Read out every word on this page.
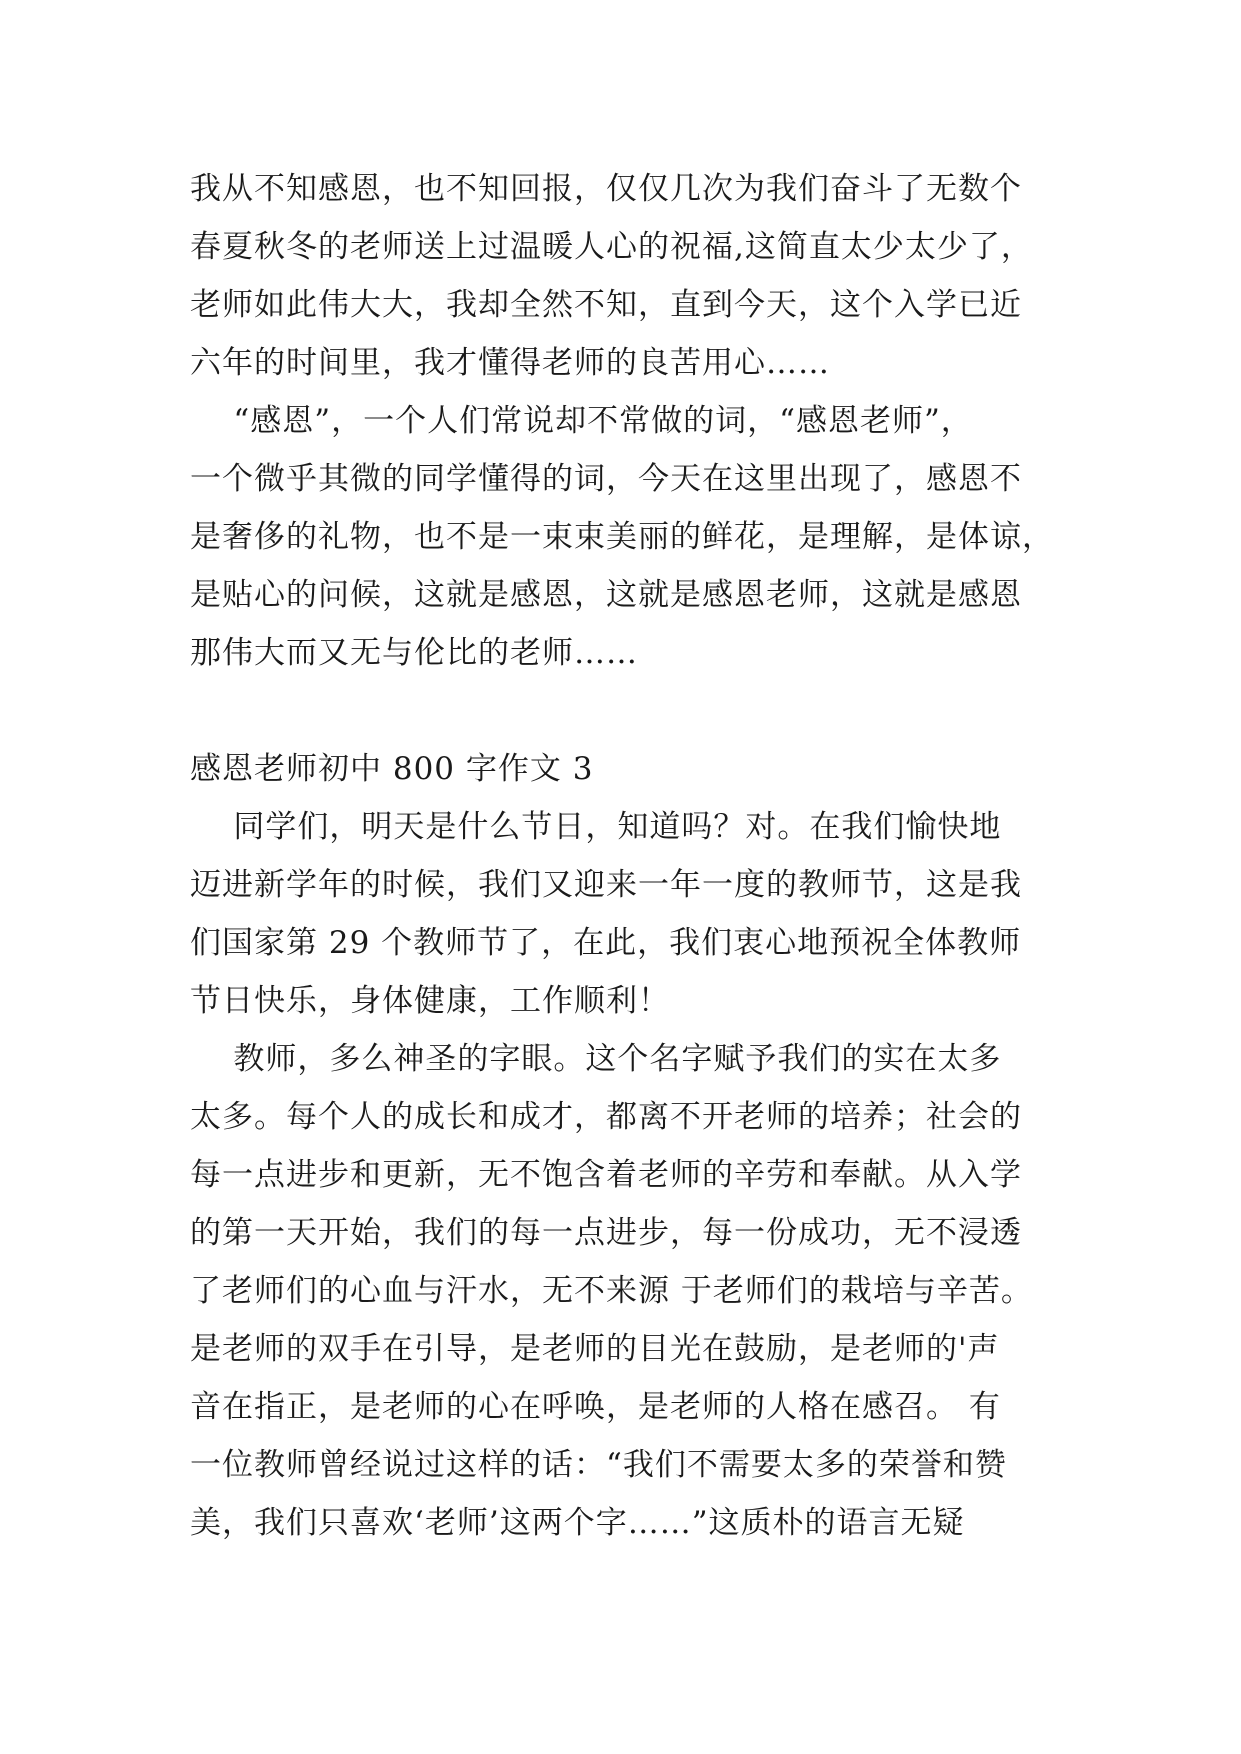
我从不知感恩，也不知回报，仅仅几次为我们奋斗了无数个
春夏秋冬的老师送上过温暖人心的祝福,这简直太少太少了，
老师如此伟大大，我却全然不知，直到今天，这个入学已近
六年的时间里，我才懂得老师的良苦用心……
“感恩”，一个人们常说却不常做的词，“感恩老师”，
一个微乎其微的同学懂得的词，今天在这里出现了，感恩不
是奢侈的礼物，也不是一束束美丽的鲜花，是理解，是体谅，
是贴心的问候，这就是感恩，这就是感恩老师，这就是感恩
那伟大而又无与伦比的老师……
感恩老师初中 800 字作文 3
同学们，明天是什么节日，知道吗？对。在我们愉快地
迈进新学年的时候，我们又迎来一年一度的教师节，这是我
们国家第 29 个教师节了，在此，我们衷心地预祝全体教师
节日快乐，身体健康，工作顺利！
教师，多么神圣的字眼。这个名字赋予我们的实在太多
太多。每个人的成长和成才，都离不开老师的培养；社会的
每一点进步和更新，无不饱含着老师的辛劳和奉献。从入学
的第一天开始，我们的每一点进步，每一份成功，无不浸透
了老师们的心血与汗水，无不来源 于老师们的栽培与辛苦。
是老师的双手在引导，是老师的目光在鼓励，是老师的'声
音在指正，是老师的心在呼唤，是老师的人格在感召。 有
一位教师曾经说过这样的话：“我们不需要太多的荣誉和赞
美，我们只喜欢‘老师’这两个字……”这质朴的语言无疑
